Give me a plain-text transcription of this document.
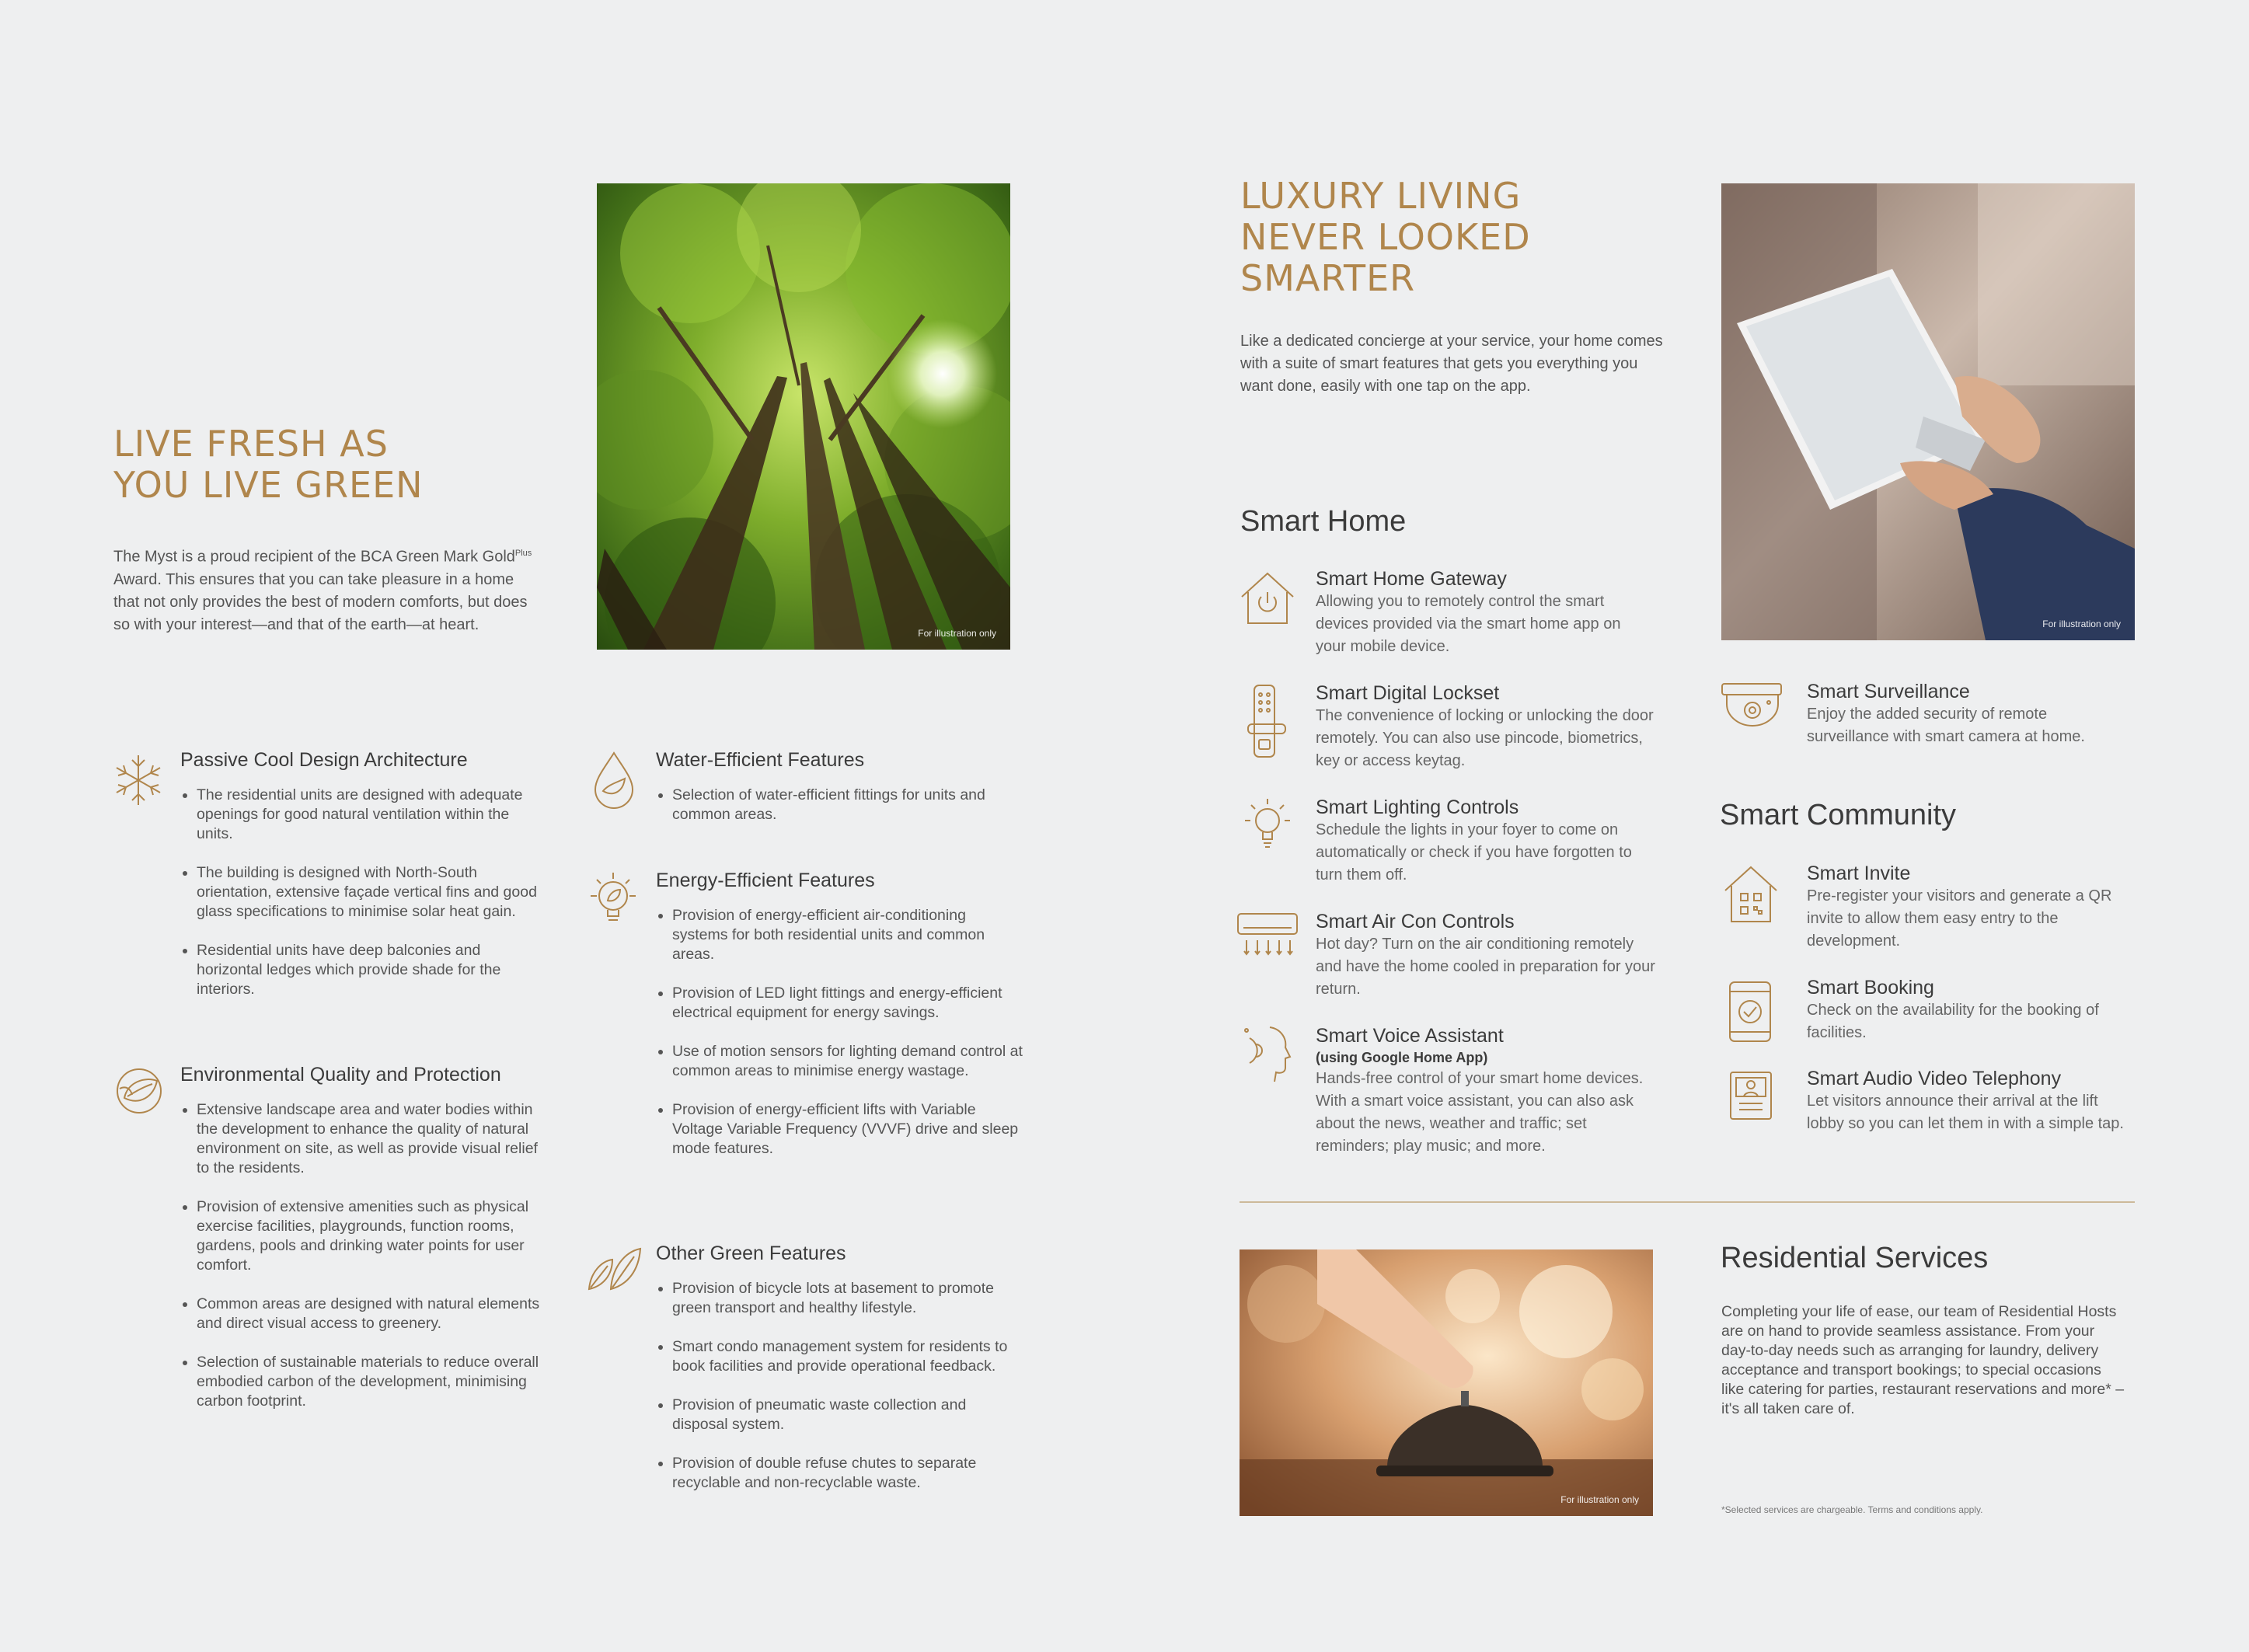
LIVE FRESH AS
YOU LIVE GREEN

The Myst is a proud recipient of the BCA Green Mark Gold$^{Plus}$ Award. This ensures that you can take pleasure in a home that not only provides the best of modern comforts, but does so with your interest—and that of the earth—at heart.

For illustration only
Passive Cool Design Architecture
• The residential units are designed with adequate openings for good natural ventilation within the units.
• The building is designed with North-South orientation, extensive façade vertical fins and good glass specifications to minimise solar heat gain.
• Residential units have deep balconies and horizontal ledges which provide shade for the interiors.
Environmental Quality and Protection
• Extensive landscape area and water bodies within the development to enhance the quality of natural environment on site, as well as provide visual relief to the residents.
• Provision of extensive amenities such as physical exercise facilities, playgrounds, function rooms, gardens, pools and drinking water points for user comfort.
• Common areas are designed with natural elements and direct visual access to greenery.
• Selection of sustainable materials to reduce overall embodied carbon of the development, minimising carbon footprint.
Water-Efficient Features
• Selection of water-efficient fittings for units and common areas.
Energy-Efficient Features
• Provision of energy-efficient air-conditioning systems for both residential units and common areas.
• Provision of LED light fittings and energy-efficient electrical equipment for energy savings.
• Use of motion sensors for lighting demand control at common areas to minimise energy wastage.
• Provision of energy-efficient lifts with Variable Voltage Variable Frequency (VVVF) drive and sleep mode features.
Other Green Features
• Provision of bicycle lots at basement to promote green transport and healthy lifestyle.
• Smart condo management system for residents to book facilities and provide operational feedback.
• Provision of pneumatic waste collection and disposal system.
• Provision of double refuse chutes to separate recyclable and non-recyclable waste.
LUXURY LIVING
NEVER LOOKED
SMARTER

Like a dedicated concierge at your service, your home comes with a suite of smart features that gets you everything you want done, easily with one tap on the app.

For illustration only
Smart Home
Smart Home Gateway

Allowing you to remotely control the smart devices provided via the smart home app on your mobile device.

Smart Digital Lockset

The convenience of locking or unlocking the door remotely. You can also use pincode, biometrics, key or access keytag.

Smart Lighting Controls

Schedule the lights in your foyer to come on automatically or check if you have forgotten to turn them off.

Smart Air Con Controls

Hot day? Turn on the air conditioning remotely and have the home cooled in preparation for your return.

Smart Voice Assistant
(using Google Home App)

Hands-free control of your smart home devices. With a smart voice assistant, you can also ask about the news, weather and traffic; set reminders; play music; and more.

Smart Surveillance

Enjoy the added security of remote surveillance with smart camera at home.

Smart Community
Smart Invite

Pre-register your visitors and generate a QR invite to allow them easy entry to the development.

Smart Booking

Check on the availability for the booking of facilities.

Smart Audio Video Telephony

Let visitors announce their arrival at the lift lobby so you can let them in with a simple tap.

For illustration only
Residential Services

Completing your life of ease, our team of Residential Hosts are on hand to provide seamless assistance. From your day-to-day needs such as arranging for laundry, delivery acceptance and transport bookings; to special occasions like catering for parties, restaurant reservations and more* – it's all taken care of.

*Selected services are chargeable. Terms and conditions apply.
